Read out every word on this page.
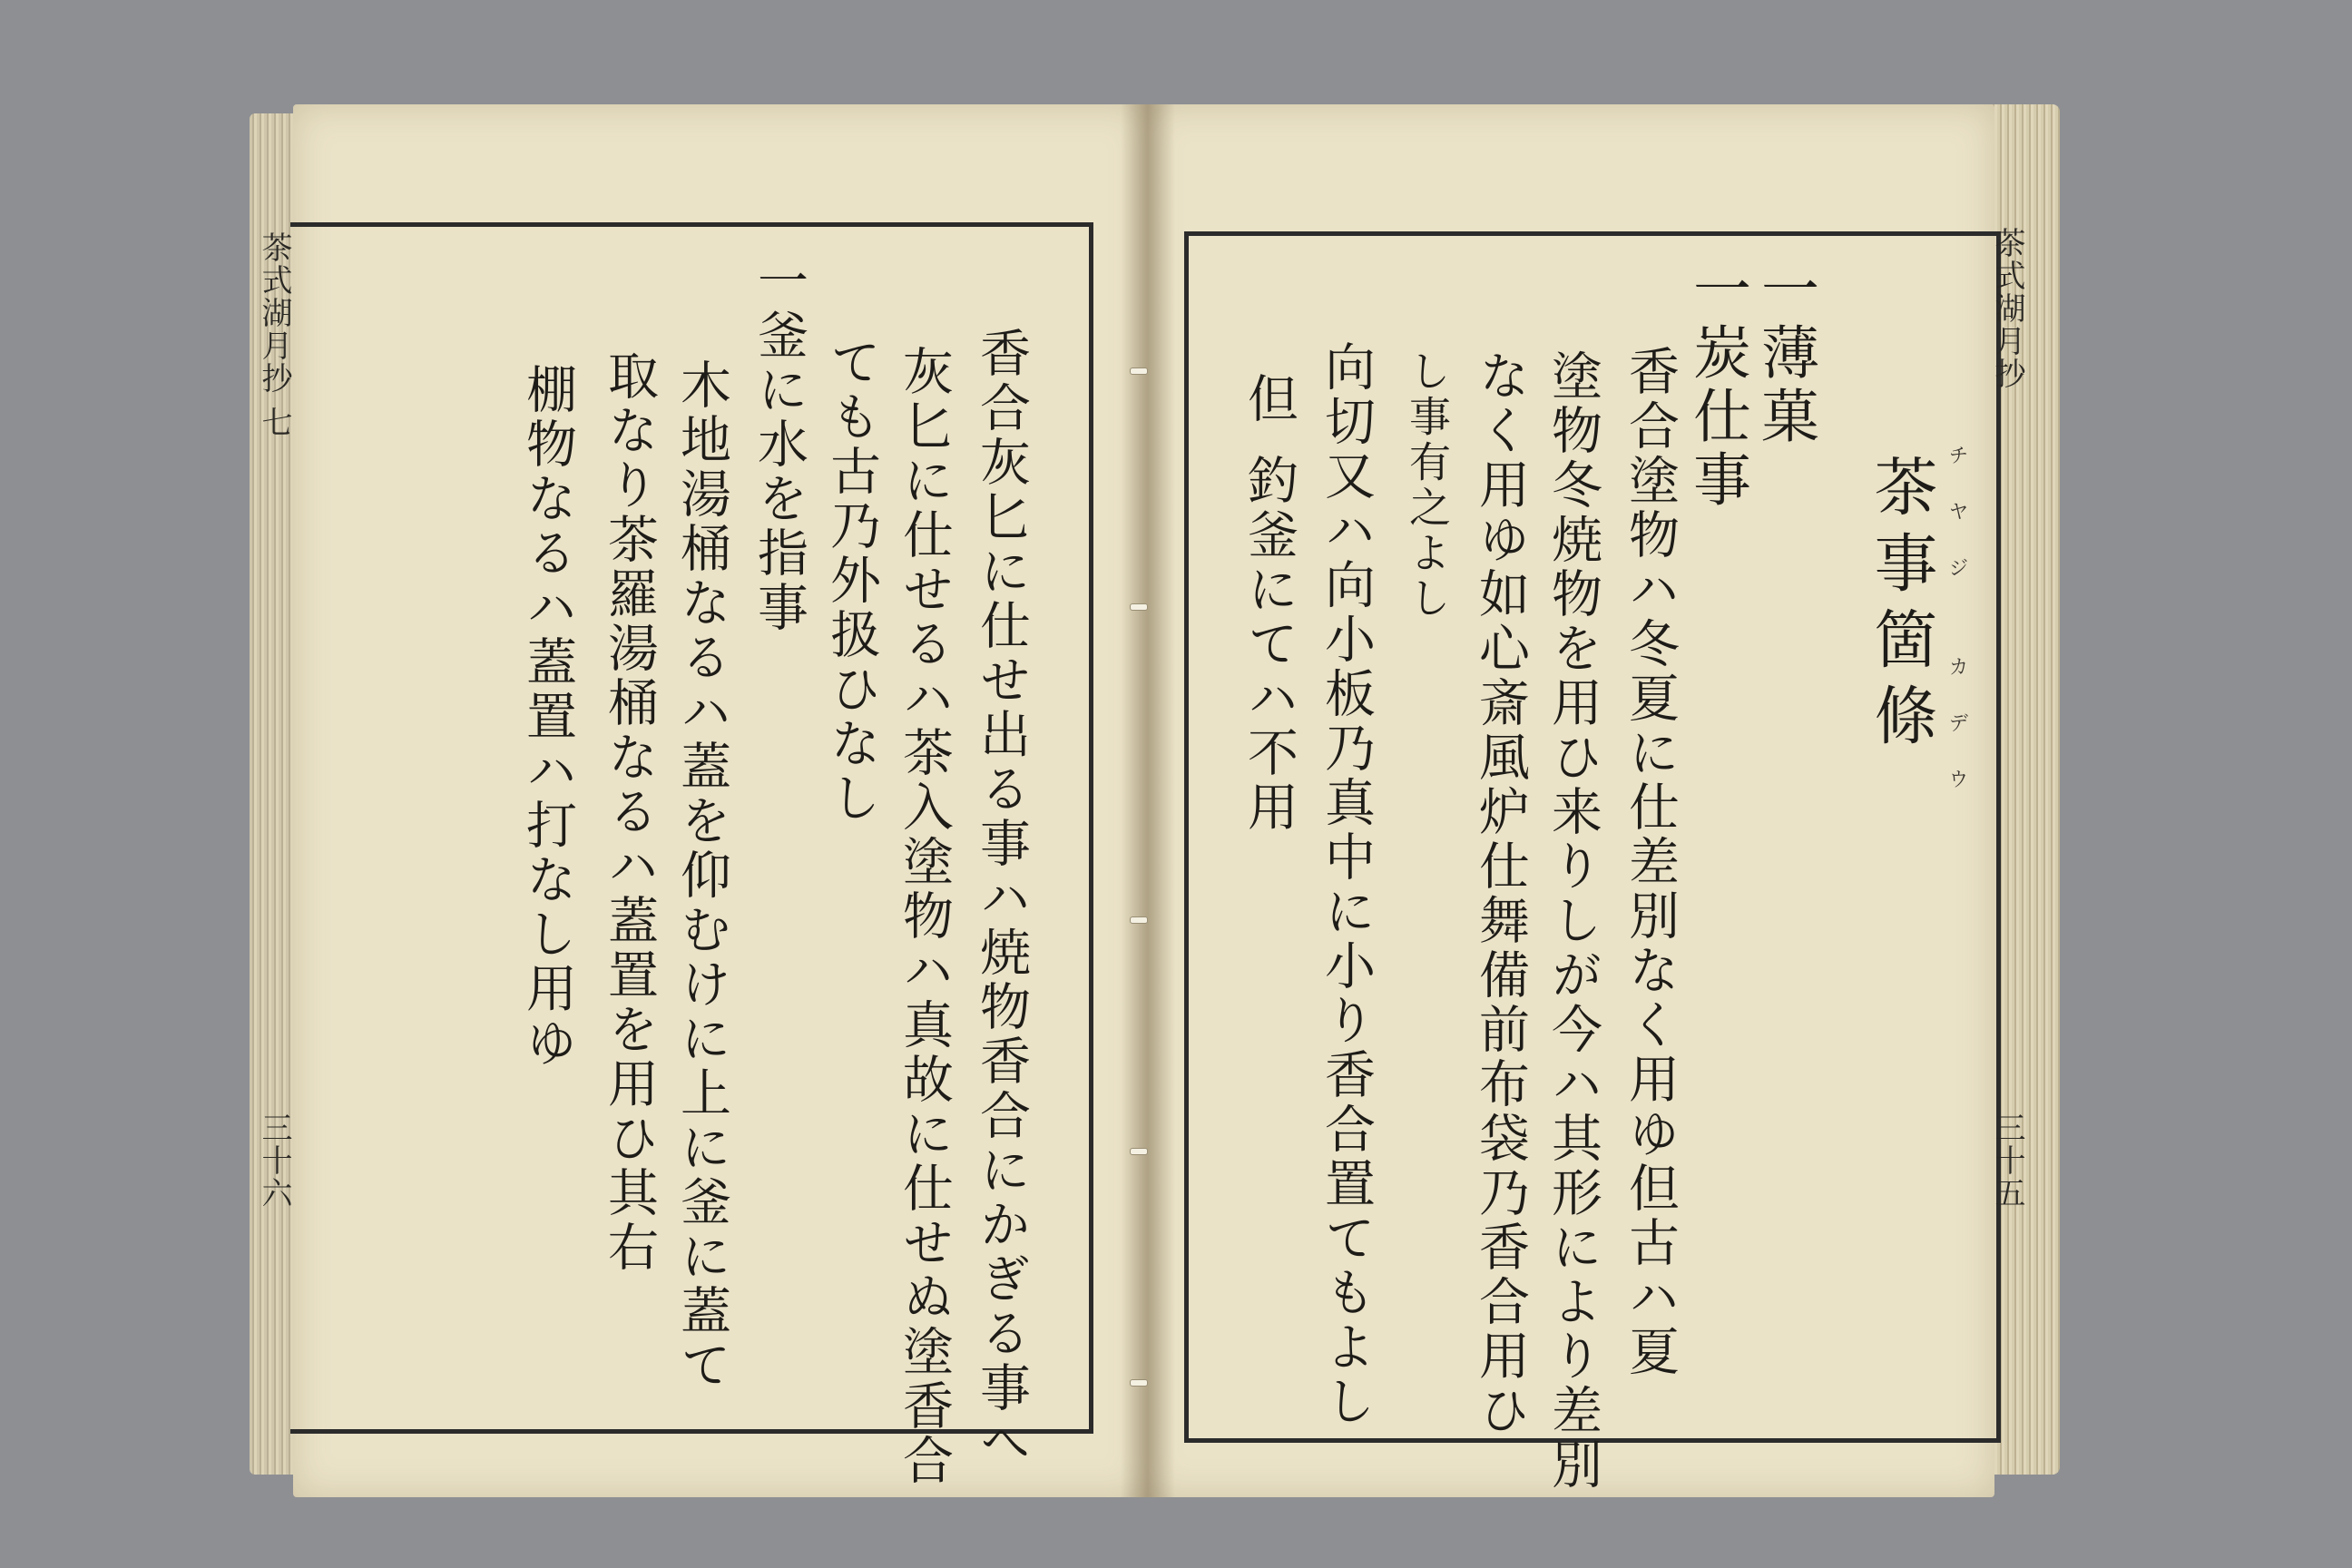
茶式湖月抄 七
三十六	香合灰匕に仕せ出る事ハ焼物香合にかぎる事へ
灰匕に仕せるハ茶入塗物ハ真故に仕せぬ塗香合
ても古乃外扱ひなし
一釜に水を指事
木地湯桶なるハ蓋を仰むけに上に釜に蓋て
取なり茶羅湯桶なるハ蓋置を用ひ其右
棚物なるハ蓋置ハ打なし用ゆ
茶式湖月抄
三十五
茶事箇條 チヤジ カデウ
一薄菓
一炭仕事
香合塗物ハ冬夏に仕差別なく用ゆ但古ハ夏
塗物冬焼物を用ひ来りしが今ハ其形により差別
なく用ゆ如心斎風炉仕舞備前布袋乃香合用ひ
し事有之よし
向切又ハ向小板乃真中に小り香合置てもよし
但
釣釜にてハ不用
